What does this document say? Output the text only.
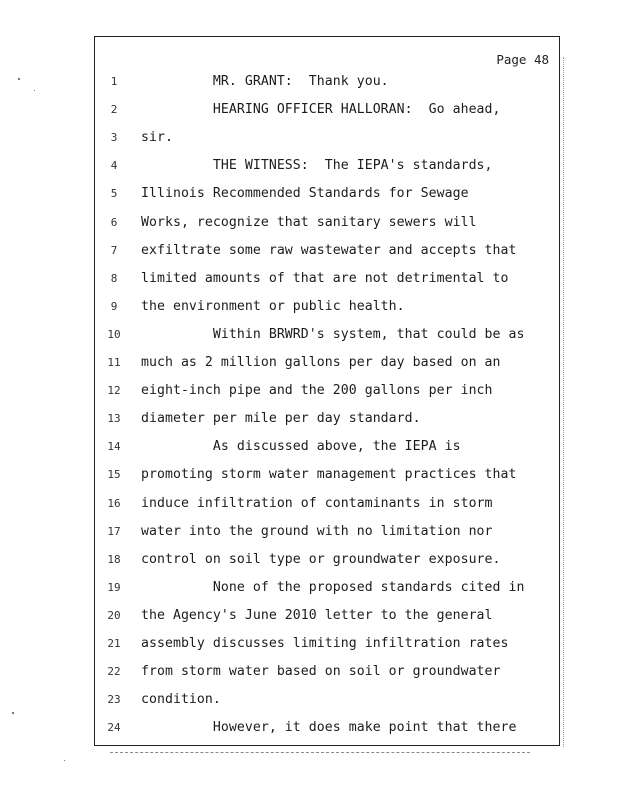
Page 48
1	MR. GRANT:  Thank you.
2	HEARING OFFICER HALLORAN:  Go ahead,
3	sir.
4	THE WITNESS:  The IEPA's standards,
5	Illinois Recommended Standards for Sewage
6	Works, recognize that sanitary sewers will
7	exfiltrate some raw wastewater and accepts that
8	limited amounts of that are not detrimental to
9	the environment or public health.
10	Within BRWRD's system, that could be as
11	much as 2 million gallons per day based on an
12	eight-inch pipe and the 200 gallons per inch
13	diameter per mile per day standard.
14	As discussed above, the IEPA is
15	promoting storm water management practices that
16	induce infiltration of contaminants in storm
17	water into the ground with no limitation nor
18	control on soil type or groundwater exposure.
19	None of the proposed standards cited in
20	the Agency's June 2010 letter to the general
21	assembly discusses limiting infiltration rates
22	from storm water based on soil or groundwater
23	condition.
24	However, it does make point that there
